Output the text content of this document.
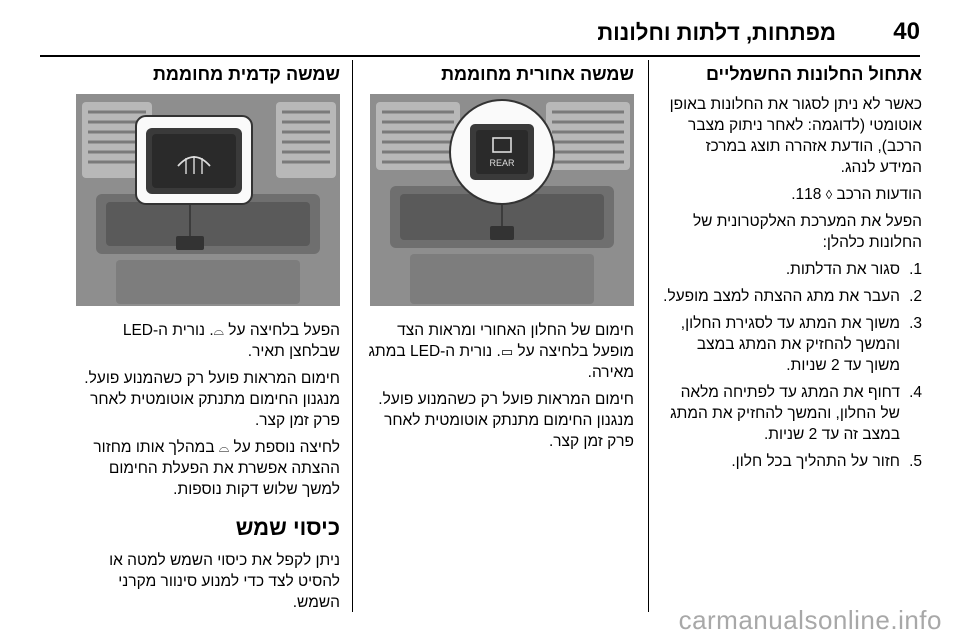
40
מפתחות, דלתות וחלונות
אתחול החלונות החשמליים

כאשר לא ניתן לסגור את החלונות באופן אוטומטי (לדוגמה: לאחר ניתוק מצבר הרכב), הודעת אזהרה תוצג במרכז המידע לנהג.

הודעות הרכב ◊ 118.

הפעל את המערכת האלקטרונית של החלונות כלהלן:

1.
סגור את הדלתות.
2.
העבר את מתג ההצתה למצב מופעל.
3.
משוך את המתג עד לסגירת החלון, והמשך להחזיק את המתג במצב משוך עד 2 שניות.
4.
דחוף את המתג עד לפתיחה מלאה של החלון, והמשך להחזיק את המתג במצב זה עד 2 שניות.
5.
חזור על התהליך בכל חלון.
שמשה אחורית מחוממת
REAR

חימום של החלון האחורי ומראות הצד מופעל בלחיצה על ▭. נורית ה-LED במתג מאירה.

חימום המראות פועל רק כשהמנוע פועל. מנגנון החימום מתנתק אוטומטית לאחר פרק זמן קצר.

שמשה קדמית מחוממת

הפעל בלחיצה על ⌓. נורית ה-LED שבלחצן תאיר.

חימום המראות פועל רק כשהמנוע פועל. מנגנון החימום מתנתק אוטומטית לאחר פרק זמן קצר.

לחיצה נוספת על ⌓ במהלך אותו מחזור ההצתה אפשרת את הפעלת החימום למשך שלוש דקות נוספות.

כיסוי שמש

ניתן לקפל את כיסוי השמש למטה או להסיט לצד כדי למנוע סינוור מקרני השמש.

carmanualsonline.info
